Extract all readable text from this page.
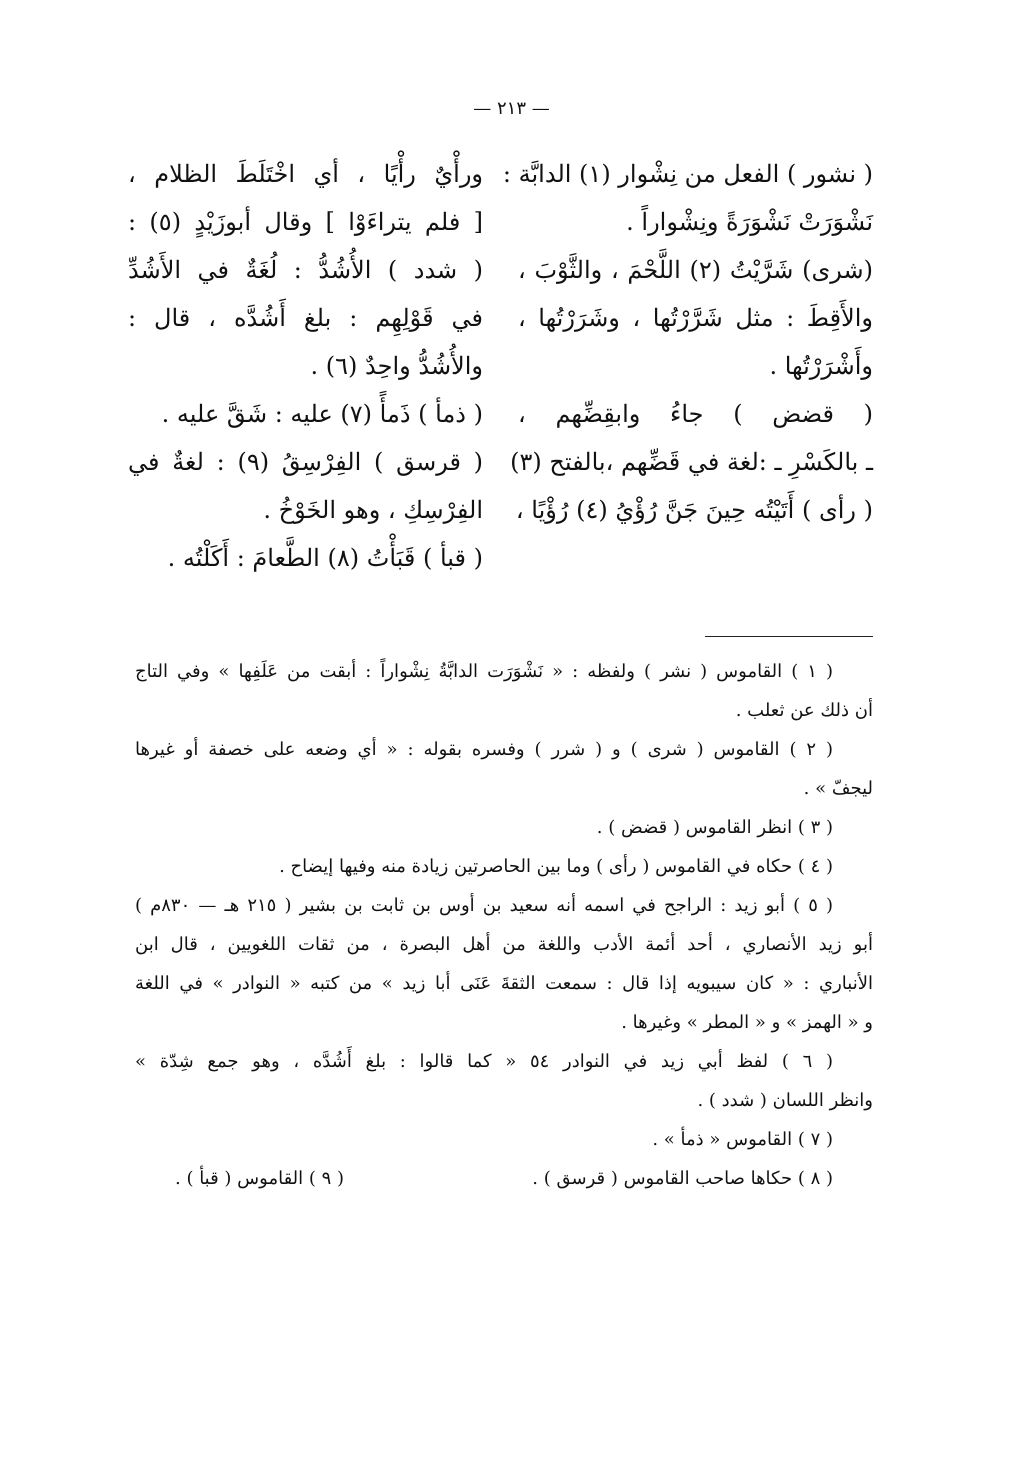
— ٢١٣ —
( نشور ) الفعل من نِشْوار (١) الدابَّة :
نَشْوَرَتْ نَشْوَرَةً ونِشْواراً .
(شرى) شَرَّيْتُ (٢) اللَّحْمَ ، والثَّوْبَ ،
والأَقِطَ : مثل شَرَّرْتُها ، وشَرَرْتُها ،
وأَشْرَرْتُها .
( قضض ) جاءُ وابقِضِّهم ،
ـ بالكَسْرِ ـ :لغة في قَضِّهم ،بالفتح (٣)
( رأى ) أَتَيْتُه حِينَ جَنَّ رُؤْيُ (٤) رُؤْيًا ،
ورأْيٌ رأْيًا ، أي اخْتَلَطَ الظلام ،
[ فلم يتراءَوْا ] وقال أبوزَيْدٍ (٥) :
( شدد ) الأُشُدُّ : لُغَةٌ في الأَشُدِّ
في قَوْلِهِم : بلغ أَشُدَّه ، قال :
والأُشُدُّ واحِدٌ (٦) .
( ذمأ ) ذَمأً (٧) عليه : شَقَّ عليه .
( قرسق ) الفِرْسِقُ (٩) : لغةٌ في
الفِرْسِكِ ، وهو الخَوْخُ .
( قبأ ) قَبَأْتُ (٨) الطَّعامَ : أَكَلْتُه .
( ١ ) القاموس ( نشر ) ولفظه : « نَشْوَرَت الدابَّةُ نِشْواراً : أبقت من عَلَفِها » وفي التاج
أن ذلك عن ثعلب .
( ٢ ) القاموس ( شرى ) و ( شرر ) وفسره بقوله : « أي وضعه على خصفة أو غيرها
ليجفّ » .
( ٣ ) انظر القاموس ( قضض ) .
( ٤ ) حكاه في القاموس ( رأى ) وما بين الحاصرتين زيادة منه وفيها إيضاح .
( ٥ ) أبو زيد : الراجح في اسمه أنه سعيد بن أوس بن ثابت بن بشير ( ٢١٥ هـ — ٨٣٠م )
أبو زيد الأنصاري ، أحد أئمة الأدب واللغة من أهل البصرة ، من ثقات اللغويين ، قال ابن
الأنباري : « كان سيبويه إذا قال : سمعت الثقةَ عَنَى أبا زيد » من كتبه « النوادر » في اللغة
و « الهمز » و « المطر » وغيرها .
( ٦ ) لفظ أبي زيد في النوادر ٥٤ « كما قالوا : بلغ أَشُدَّه ، وهو جمع شِدّة »
وانظر اللسان ( شدد ) .
( ٧ ) القاموس « ذمأ » .
( ٨ ) حكاها صاحب القاموس ( قرسق ) .
( ٩ ) القاموس ( قبأ ) .
